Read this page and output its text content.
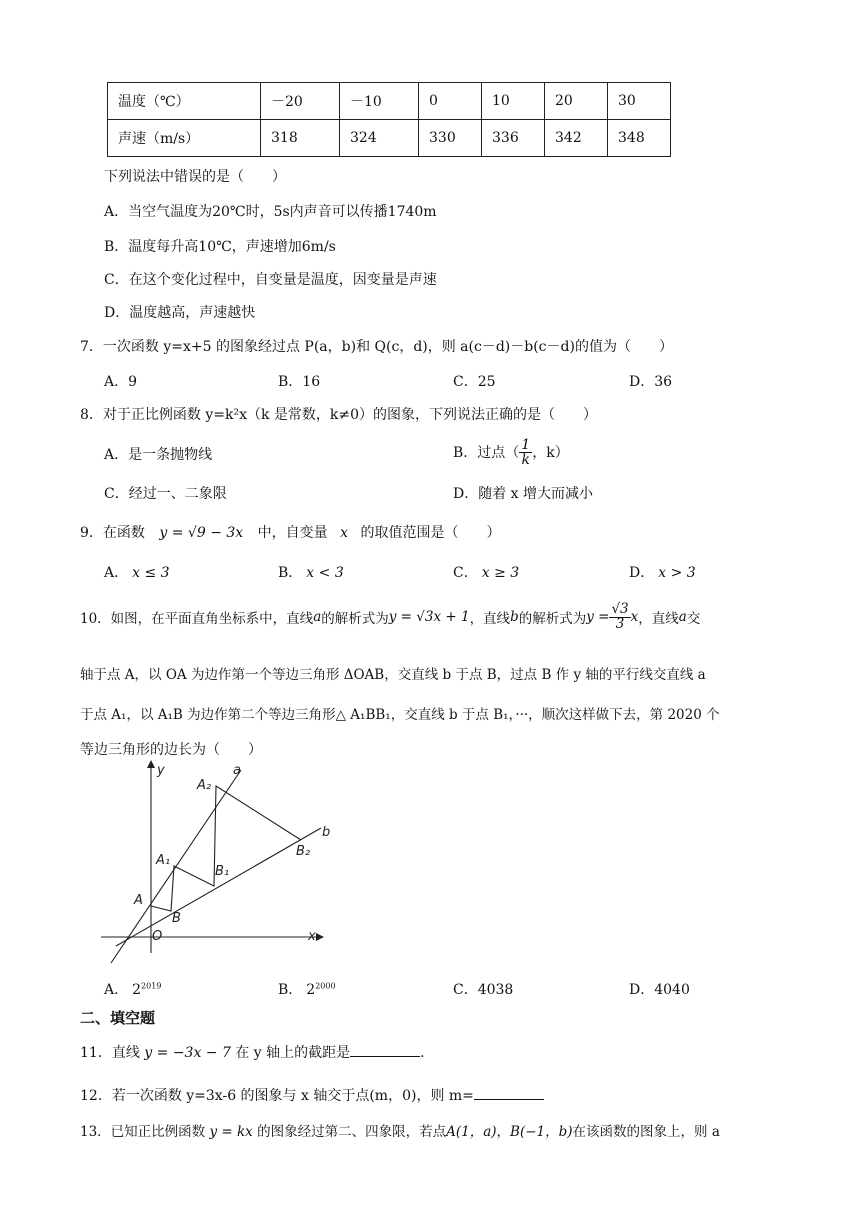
温度（℃）	－20	－10	0	10	20	30
声速（m/s）	318	324	330	336	342	348
下列说法中错误的是（　　）
A．当空气温度为20℃时，5s内声音可以传播1740m
B．温度每升高10℃，声速增加6m/s
C．在这个变化过程中，自变量是温度，因变量是声速
D．温度越高，声速越快
7．一次函数 y=x+5 的图象经过点 P(a，b)和 Q(c，d)，则 a(c－d)－b(c－d)的值为（　　）
A．9	B．16	C．25	D．36
8．对于正比例函数 y=k²x（k 是常数，k≠0）的图象，下列说法正确的是（　　）
A．是一条抛物线	B．过点（ $\frac{1}{k}$ ，k）
C．经过一、二象限	D．随着 x 增大而减小
9．在函数 y = √9 − 3x 中，自变量 x 的取值范围是（　　）
A． x ≤ 3	B． x < 3	C． x ≥ 3	D． x > 3
10．如图，在平面直角坐标系中，直线 a 的解析式为 y = √3x + 1 ，直线 b 的解析式为 $y = \frac{√3}{3}$ x ，直线 a 交
轴于点 A，以 OA 为边作第一个等边三角形 ΔOAB，交直线 b 于点 B，过点 B 作 y 轴的平行线交直线 a
于点 A₁，以 A₁B 为边作第二个等边三角形△ A₁BB₁，交直线 b 于点 B₁，···，顺次这样做下去，第 2020 个
等边三角形的边长为（　　）
y
x
O
a
b
A
A₁
A₂
B
B₁
B₂
A． $2^{2019}$	B． $2^{2000}$	C．4038	D．4040
二、填空题
11．直线 y = −3x − 7 在 y 轴上的截距是	.
12．若一次函数 y=3x-6 的图象与 x 轴交于点(m，0)，则 m=
13．已知正比例函数 y = kx 的图象经过第二、四象限，若点A(1，a)，B(−1，b)在该函数的图象上，则 a
